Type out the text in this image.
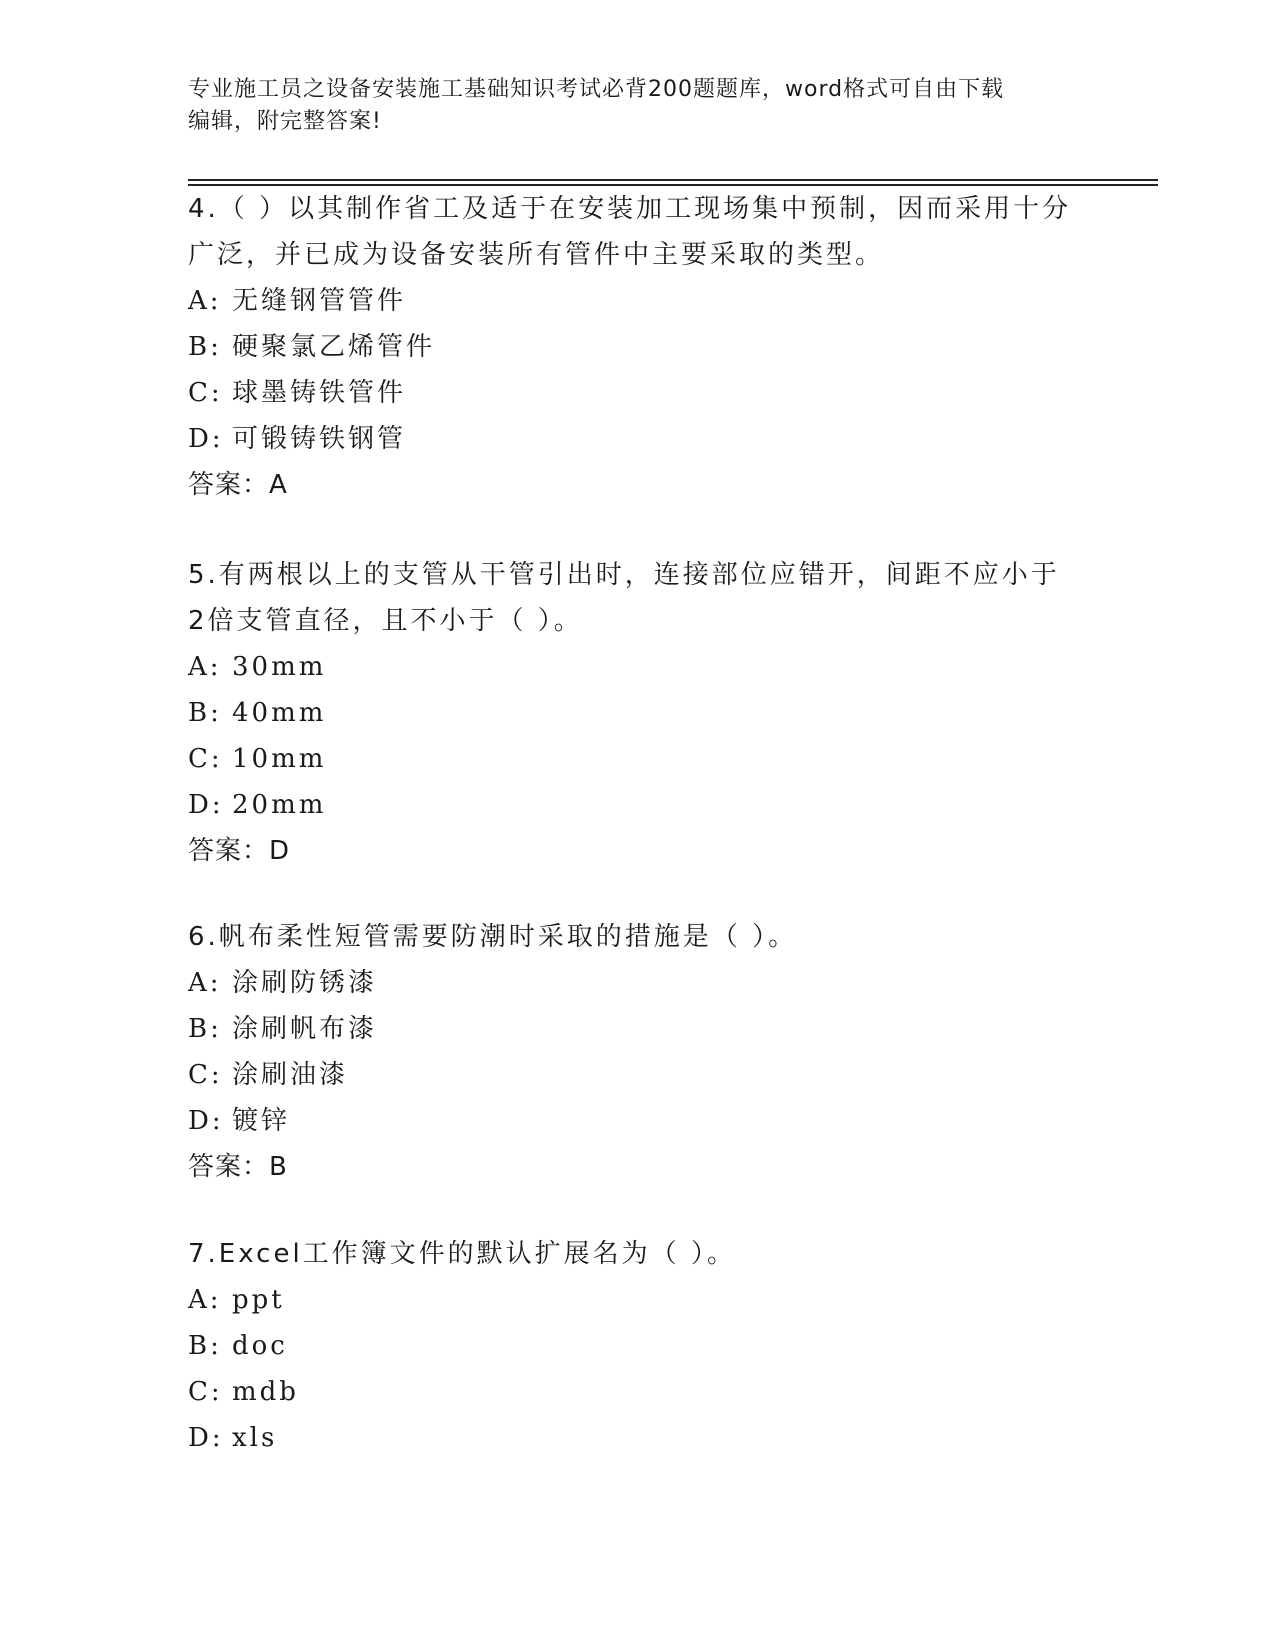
专业施工员之设备安装施工基础知识考试必背200题题库，word格式可自由下载
编辑，附完整答案!

4.（ ）以其制作省工及适于在安装加工现场集中预制，因而采用十分

广泛，并已成为设备安装所有管件中主要采取的类型。

A: 无缝钢管管件

B: 硬聚氯乙烯管件

C: 球墨铸铁管件

D: 可锻铸铁钢管

答案：A

5.有两根以上的支管从干管引出时，连接部位应错开，间距不应小于

2倍支管直径，且不小于（ ）。

A: 30mm

B: 40mm

C: 10mm

D: 20mm

答案：D

6.帆布柔性短管需要防潮时采取的措施是（ ）。

A: 涂刷防锈漆

B: 涂刷帆布漆

C: 涂刷油漆

D: 镀锌

答案：B

7.Excel工作簿文件的默认扩展名为（ ）。

A: ppt

B: doc

C: mdb

D: xls
